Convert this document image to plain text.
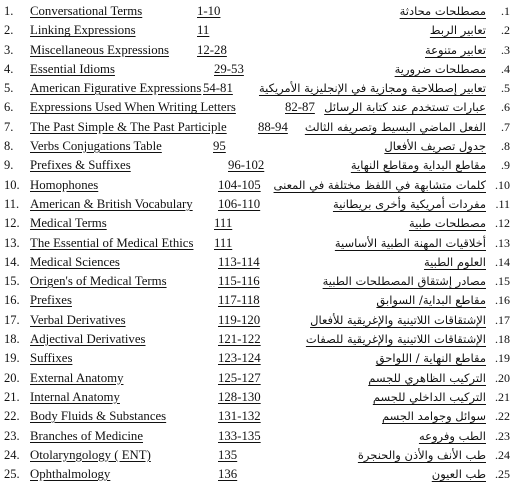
1. Conversational Terms	1-10	مصطلحات محادثة .1
2. Linking Expressions	11	تعابير الربط .2
3. Miscellaneous Expressions 12-28	تعابير متنوعة .3
4. Essential Idioms	29-53	مصطلحات ضرورية .4
5. American Figurative Expressions 54-81 تعابير إصطلاحية ومجازية في الإنجليزية الأمريكية .5
6. Expressions Used When Writing Letters	82-87 عبارات تستخدم عند كتابة الرسائل .6
7. The Past Simple & The Past Participle 88-94 الفعل الماضي البسيط وتصريفه الثالث .7
8. Verbs Conjugations Table	95	جدول تصريف الأفعال .8
9. Prefixes & Suffixes	96-102	مقاطع البداية ومقاطع النهاية .9
10. Homophones	104-105 كلمات متشابهة في اللفظ مختلفة في المعنى .10
11. American & British Vocabulary 106-110	مفردات أمريكية وأخرى بريطانية .11
12. Medical Terms	111	مصطلحات طبية .12
13. The Essential of Medical Ethics 111	أخلاقيات المهنة الطبية الأساسية .13
14. Medical Sciences	113-114	العلوم الطبية .14
15. Origen's of Medical Terms	115-116	مصادر إشتقاق المصطلحات الطبية .15
16. Prefixes	117-118	مقاطع البداية/ السوابق .16
17. Verbal Derivatives	119-120	الإشتقاقات اللاتينية والإغريقية للأفعال .17
18. Adjectival Derivatives	121-122	الإشتقاقات اللاتينية والإغريقية للصفات .18
19. Suffixes	123-124	مقاطع النهاية / اللواحق .19
20. External Anatomy	125-127	التركيب الظاهري للجسم .20
21. Internal Anatomy	128-130	التركيب الداخلي للجسم .21
22. Body Fluids & Substances	131-132	سوائل وجوامد الجسم .22
23. Branches of Medicine	133-135	الطب وفروعه .23
24. Otolaryngology ( ENT)	135	طب الأنف والأذن والحنجرة .24
25. Ophthalmology	136	طب العيون .25
